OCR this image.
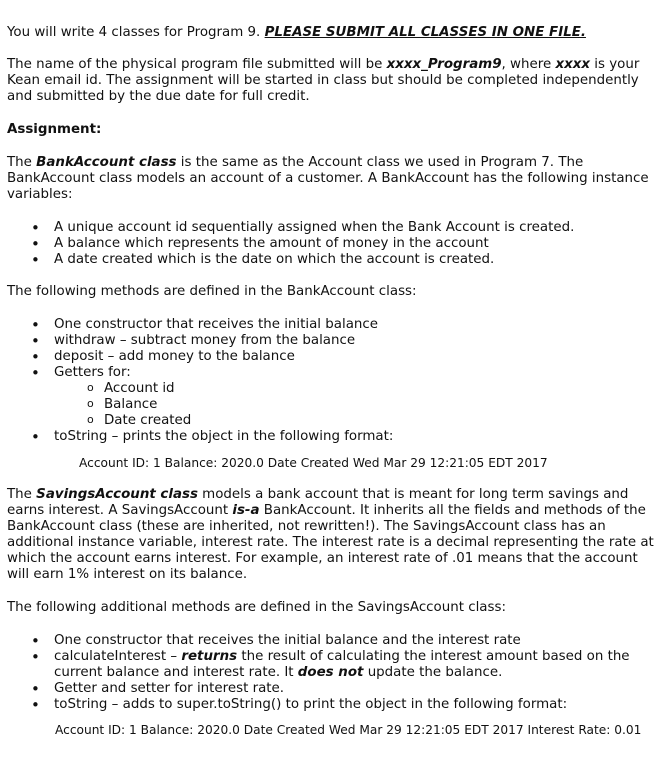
You will write 4 classes for Program 9. PLEASE SUBMIT ALL CLASSES IN ONE FILE.

The name of the physical program file submitted will be xxxx_Program9, where xxxx is your Kean email id. The assignment will be started in class but should be completed independently and submitted by the due date for full credit.

Assignment:

The BankAccount class is the same as the Account class we used in Program 7. The BankAccount class models an account of a customer. A BankAccount has the following instance variables:

• A unique account id sequentially assigned when the Bank Account is created.
• A balance which represents the amount of money in the account
• A date created which is the date on which the account is created.

The following methods are defined in the BankAccount class:

• One constructor that receives the initial balance
• withdraw – subtract money from the balance
• deposit – add money to the balance
• Getters for:
o Account id
o Balance
o Date created
• toString – prints the object in the following format:
Account ID: 1 Balance: 2020.0 Date Created Wed Mar 29 12:21:05 EDT 2017

The SavingsAccount class models a bank account that is meant for long term savings and earns interest. A SavingsAccount is-a BankAccount. It inherits all the fields and methods of the BankAccount class (these are inherited, not rewritten!). The SavingsAccount class has an additional instance variable, interest rate. The interest rate is a decimal representing the rate at which the account earns interest. For example, an interest rate of .01 means that the account will earn 1% interest on its balance.

The following additional methods are defined in the SavingsAccount class:

• One constructor that receives the initial balance and the interest rate
• calculateInterest – returns the result of calculating the interest amount based on the current balance and interest rate. It does not update the balance.
• Getter and setter for interest rate.
• toString – adds to super.toString() to print the object in the following format:
Account ID: 1 Balance: 2020.0 Date Created Wed Mar 29 12:21:05 EDT 2017 Interest Rate: 0.01
